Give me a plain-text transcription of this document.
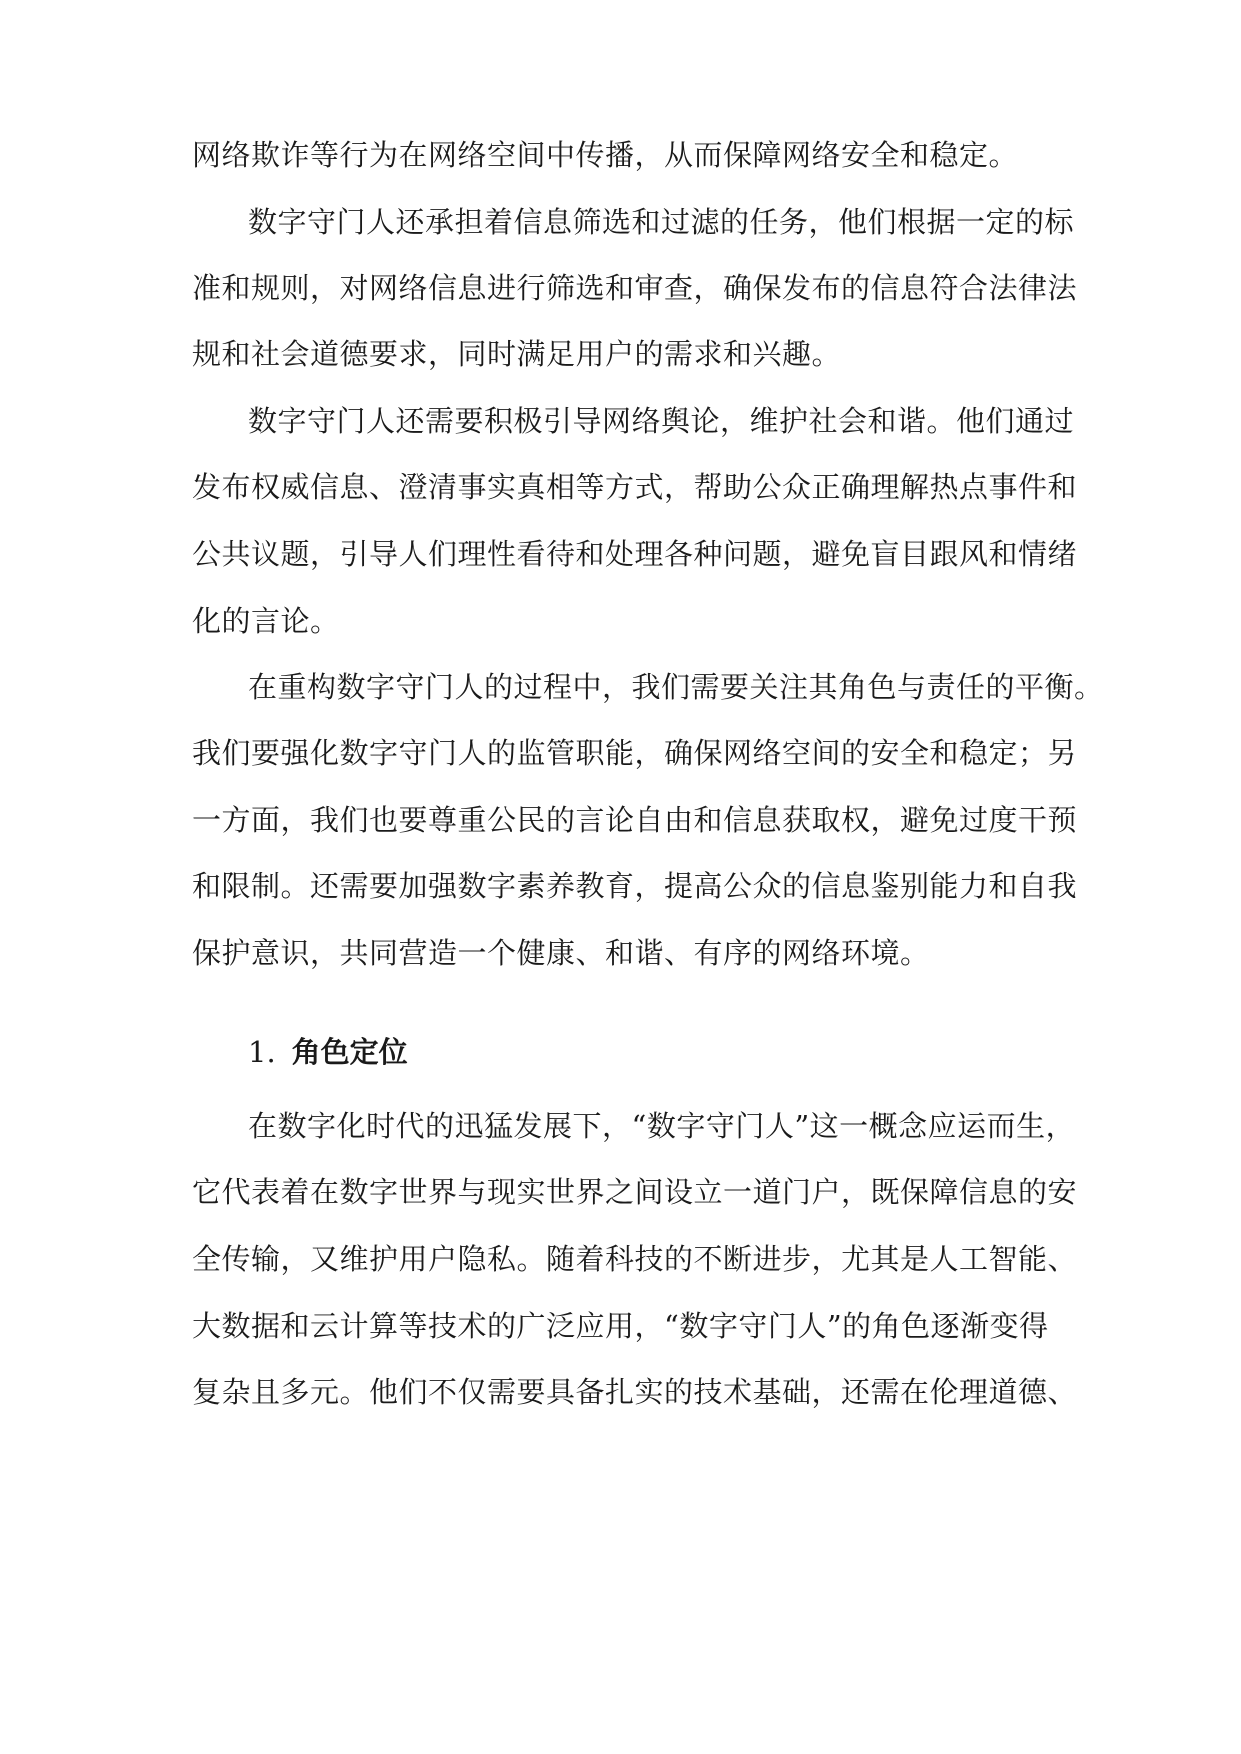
网络欺诈等行为在网络空间中传播，从而保障网络安全和稳定。

数字守门人还承担着信息筛选和过滤的任务，他们根据一定的标

准和规则，对网络信息进行筛选和审查，确保发布的信息符合法律法

规和社会道德要求，同时满足用户的需求和兴趣。

数字守门人还需要积极引导网络舆论，维护社会和谐。他们通过

发布权威信息、澄清事实真相等方式，帮助公众正确理解热点事件和

公共议题，引导人们理性看待和处理各种问题，避免盲目跟风和情绪

化的言论。

在重构数字守门人的过程中，我们需要关注其角色与责任的平衡。

我们要强化数字守门人的监管职能，确保网络空间的安全和稳定；另

一方面，我们也要尊重公民的言论自由和信息获取权，避免过度干预

和限制。还需要加强数字素养教育，提高公众的信息鉴别能力和自我

保护意识，共同营造一个健康、和谐、有序的网络环境。

1. 角色定位

在数字化时代的迅猛发展下，“数字守门人”这一概念应运而生，

它代表着在数字世界与现实世界之间设立一道门户，既保障信息的安

全传输，又维护用户隐私。随着科技的不断进步，尤其是人工智能、

大数据和云计算等技术的广泛应用，“数字守门人”的角色逐渐变得

复杂且多元。他们不仅需要具备扎实的技术基础，还需在伦理道德、
